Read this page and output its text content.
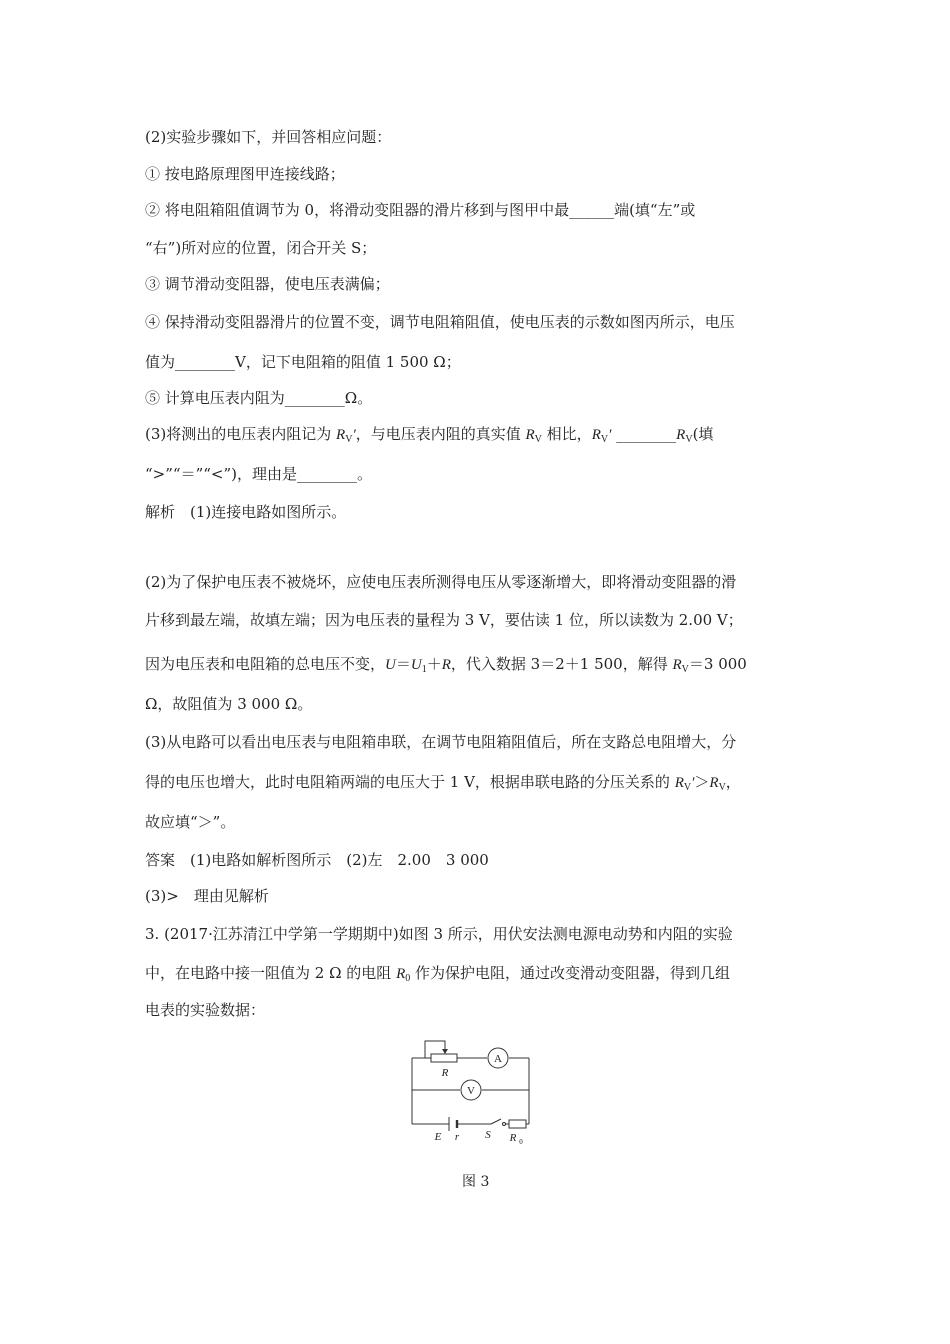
(2)实验步骤如下，并回答相应问题：
① 按电路原理图甲连接线路；
② 将电阻箱阻值调节为 0，将滑动变阻器的滑片移到与图甲中最______端(填“左”或
“右”)所对应的位置，闭合开关 S；
③ 调节滑动变阻器，使电压表满偏；
④ 保持滑动变阻器滑片的位置不变，调节电阻箱阻值，使电压表的示数如图丙所示，电压
值为________V，记下电阻箱的阻值 1 500 Ω；
⑤ 计算电压表内阻为________Ω。
(3)将测出的电压表内阻记为 $R_V'$，与电压表内阻的真实值 $R_V$ 相比，$R_V'$ $\_\_\_\_\_\_\_\_R_V$(填
“>”“＝”“<”)，理由是________。
解析　(1)连接电路如图所示。
(2)为了保护电压表不被烧坏，应使电压表所测得电压从零逐渐增大，即将滑动变阻器的滑
片移到最左端，故填左端；因为电压表的量程为 3 V，要估读 1 位，所以读数为 2.00 V；
因为电压表和电阻箱的总电压不变，$U=U_1+R$，代入数据 3＝2＋1 500，解得 $R_V=3$ 000
Ω，故阻值为 3 000 Ω。
(3)从电路可以看出电压表与电阻箱串联，在调节电阻箱阻值后，所在支路总电阻增大，分
得的电压也增大，此时电阻箱两端的电压大于 1 V，根据串联电路的分压关系的 $R_V'>R_V$，
故应填“＞”。
答案　(1)电路如解析图所示　(2)左　2.00　3 000
(3)>　理由见解析
3. (2017·江苏清江中学第一学期期中)如图 3 所示，用伏安法测电源电动势和内阻的实验
中，在电路中接一阻值为 2 Ω 的电阻 $R_0$ 作为保护电阻，通过改变滑动变阻器，得到几组
电表的实验数据：
A
V
R
E r S R 0
图 3
